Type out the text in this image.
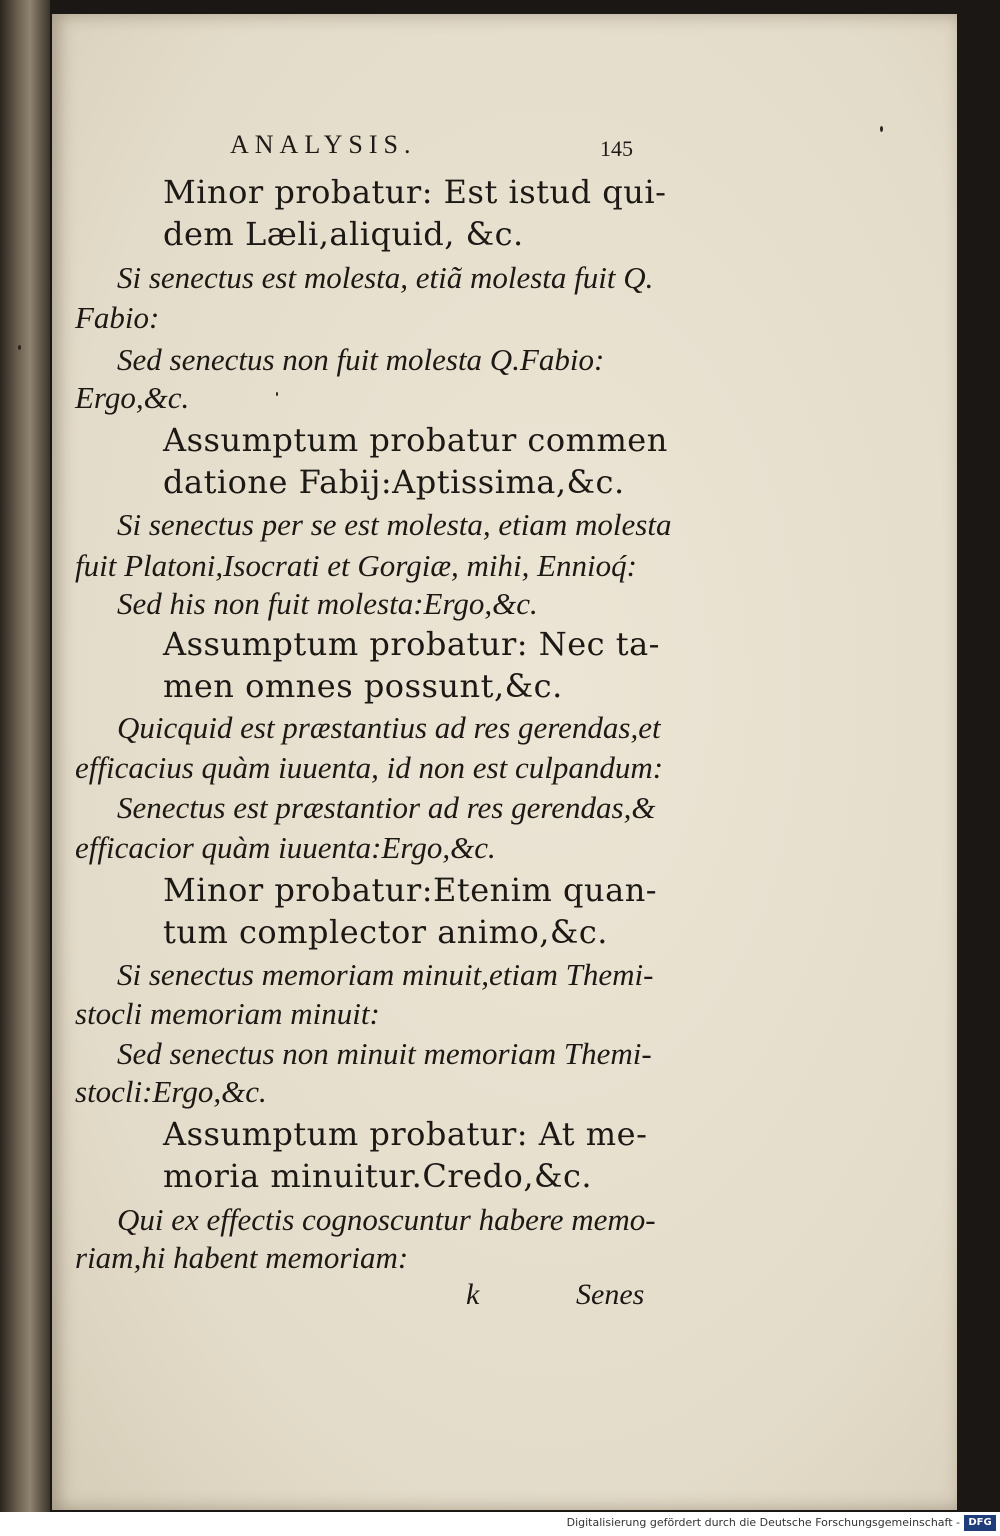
ANALYSIS.	145
Minor probatur: Est istud qui-
dem Læli,aliquid, &c.
Si senectus est molesta, etiã molesta fuit Q.
Fabio:
Sed senectus non fuit molesta Q.Fabio:
Ergo,&c.
Assumptum probatur commen
datione Fabij:Aptissima,&c.
Si senectus per se est molesta, etiam molesta
fuit Platoni,Isocrati et Gorgiæ, mihi, Ennioq́:
Sed his non fuit molesta:Ergo,&c.
Assumptum probatur: Nec ta-
men omnes possunt,&c.
Quicquid est præstantius ad res gerendas,et
efficacius quàm iuuenta, id non est culpandum:
Senectus est præstantior ad res gerendas,&
efficacior quàm iuuenta:Ergo,&c.
Minor probatur:Etenim quan-
tum complector animo,&c.
Si senectus memoriam minuit,etiam Themi-
stocli memoriam minuit:
Sed senectus non minuit memoriam Themi-
stocli:Ergo,&c.
Assumptum probatur: At me-
moria minuitur.Credo,&c.
Qui ex effectis cognoscuntur habere memo-
riam,hi habent memoriam:
k	Senes
Digitalisierung gefördert durch die Deutsche Forschungsgemeinschaft - DFG
